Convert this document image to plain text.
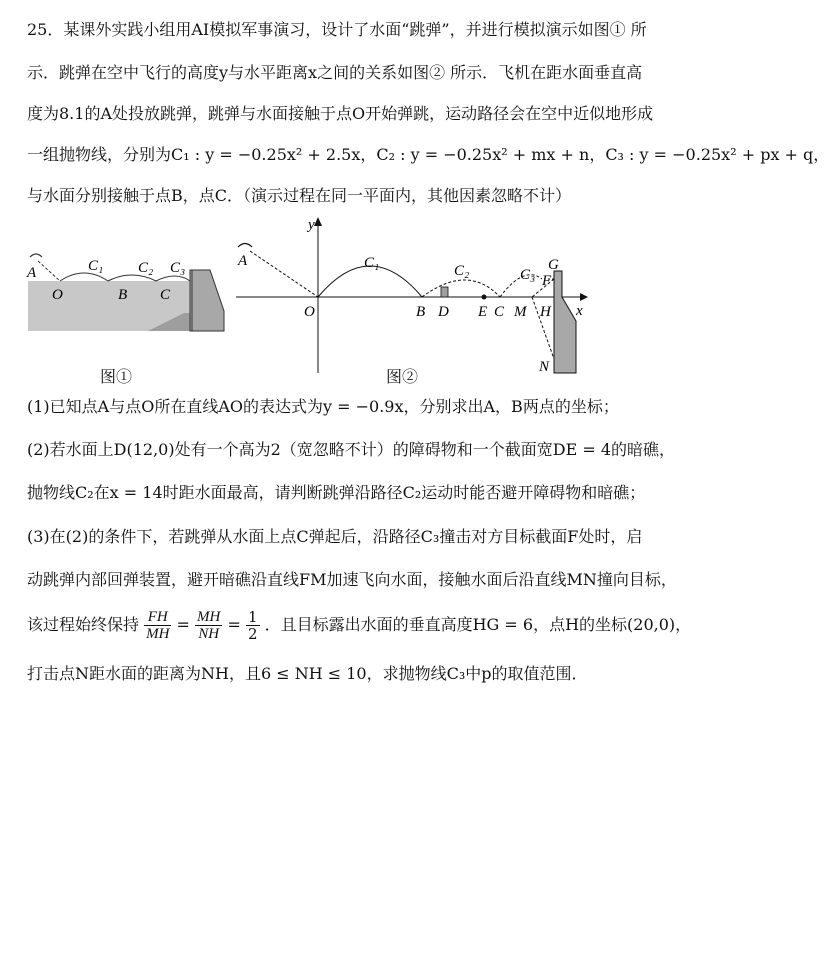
25．某课外实践小组用AI模拟军事演习，设计了水面“跳弹”，并进行模拟演示如图① 所
示．跳弹在空中飞行的高度y与水平距离x之间的关系如图② 所示．飞机在距水面垂直高
度为8.1的A处投放跳弹，跳弹与水面接触于点O开始弹跳，运动路径会在空中近似地形成
一组抛物线，分别为C₁ : y = −0.25x² + 2.5x，C₂ : y = −0.25x² + mx + n，C₃ : y = −0.25x² + px + q，
与水面分别接触于点B，点C．（演示过程在同一平面内，其他因素忽略不计）
A
O	B C
C₁ C₂ C₃
图①
y
x
A	C₁	C₂	C₃
O	B D E C M H
G
F
N
图②
(1)已知点A与点O所在直线AO的表达式为y = −0.9x，分别求出A，B两点的坐标；
(2)若水面上D(12,0)处有一个高为2（宽忽略不计）的障碍物和一个截面宽DE = 4的暗礁，
抛物线C₂在x = 14时距水面最高，请判断跳弹沿路径C₂运动时能否避开障碍物和暗礁；
(3)在(2)的条件下，若跳弹从水面上点C弹起后，沿路径C₃撞击对方目标截面F处时，启
动跳弹内部回弹装置，避开暗礁沿直线FM加速飞向水面，接触水面后沿直线MN撞向目标，
该过程始终保持 $\frac{FH}{MH} = \frac{MH}{NH} = \frac{1}{2}$ ．且目标露出水面的垂直高度HG = 6，点H的坐标(20,0)，
打击点N距水面的距离为NH，且6 ≤ NH ≤ 10，求抛物线C₃中p的取值范围．
